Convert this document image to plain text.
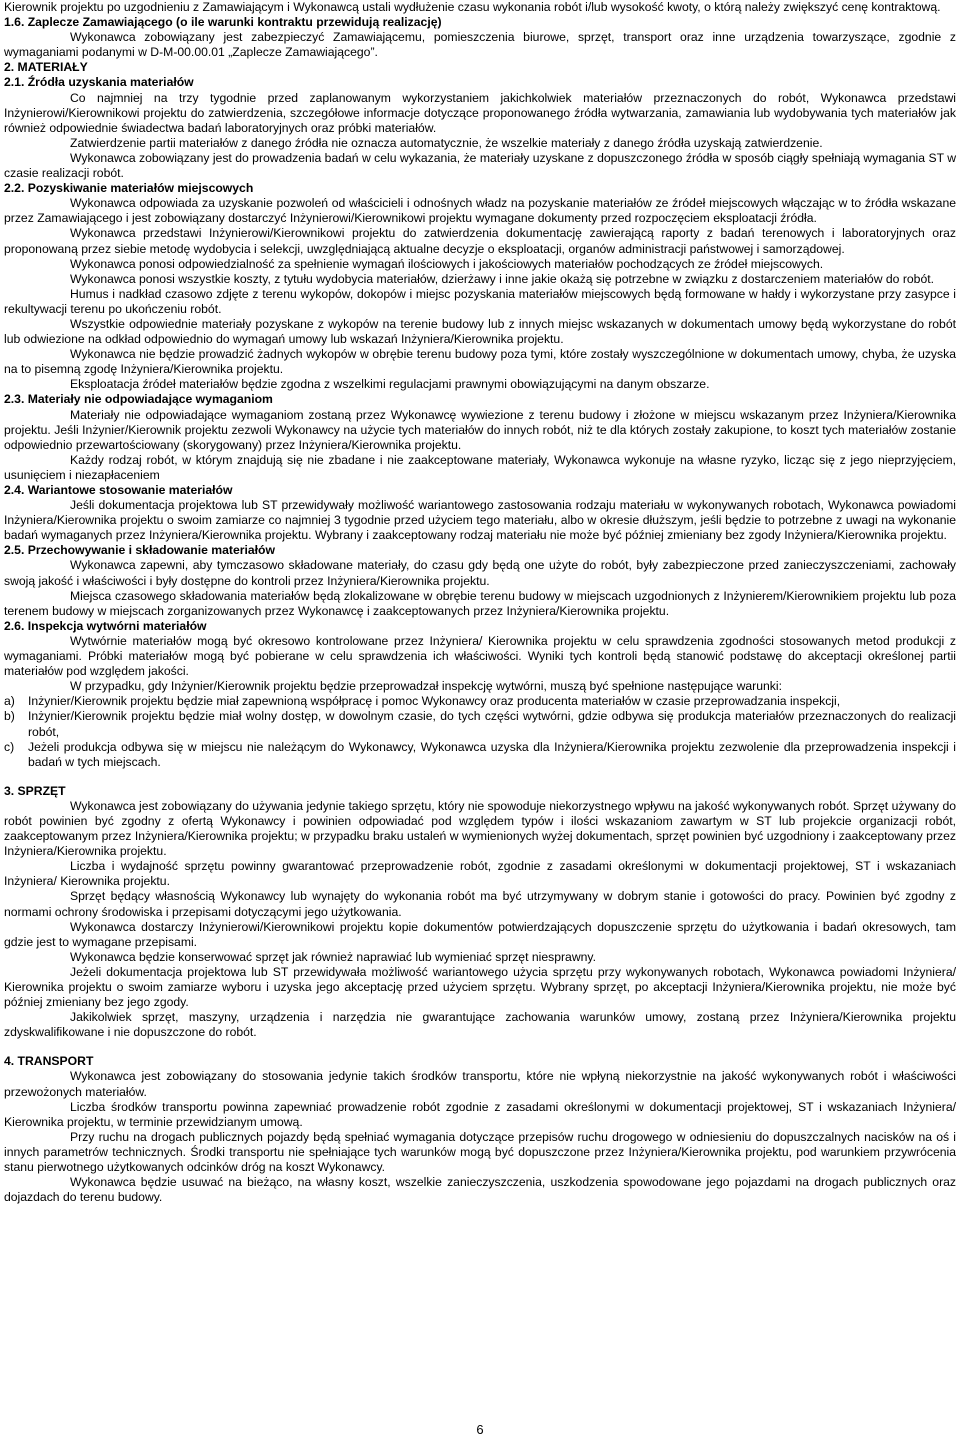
Kierownik projektu po uzgodnieniu z Zamawiającym i Wykonawcą ustali wydłużenie czasu wykonania robót i/lub wysokość kwoty, o którą należy zwiększyć cenę kontraktową.

1.6. Zaplecze Zamawiającego (o ile warunki kontraktu przewidują realizację)

Wykonawca zobowiązany jest zabezpieczyć Zamawiającemu, pomieszczenia biurowe, sprzęt, transport oraz inne urządzenia towarzyszące, zgodnie z wymaganiami podanymi w D-M-00.00.01 „Zaplecze Zamawiającego”.

2. MATERIAŁY

2.1. Źródła uzyskania materiałów

Co najmniej na trzy tygodnie przed zaplanowanym wykorzystaniem jakichkolwiek materiałów przeznaczonych do robót, Wykonawca przedstawi Inżynierowi/Kierownikowi projektu do zatwierdzenia, szczegółowe informacje dotyczące proponowanego źródła wytwarzania, zamawiania lub wydobywania tych materiałów jak również odpowiednie świadectwa badań laboratoryjnych oraz próbki materiałów.

Zatwierdzenie partii materiałów z danego źródła nie oznacza automatycznie, że wszelkie materiały z danego źródła uzyskają zatwierdzenie.

Wykonawca zobowiązany jest do prowadzenia badań w celu wykazania, że materiały uzyskane z dopuszczonego źródła w sposób ciągły spełniają wymagania ST w czasie realizacji robót.

2.2. Pozyskiwanie materiałów miejscowych

Wykonawca odpowiada za uzyskanie pozwoleń od właścicieli i odnośnych władz na pozyskanie materiałów ze źródeł miejscowych włączając w to źródła wskazane przez Zamawiającego i jest zobowiązany dostarczyć Inżynierowi/Kierownikowi projektu wymagane dokumenty przed rozpoczęciem eksploatacji źródła.

Wykonawca przedstawi Inżynierowi/Kierownikowi projektu do zatwierdzenia dokumentację zawierającą raporty z badań terenowych i laboratoryjnych oraz proponowaną przez siebie metodę wydobycia i selekcji, uwzględniającą aktualne decyzje o eksploatacji, organów administracji państwowej i samorządowej.

Wykonawca ponosi odpowiedzialność za spełnienie wymagań ilościowych i jakościowych materiałów pochodzących ze źródeł miejscowych.

Wykonawca ponosi wszystkie koszty, z tytułu wydobycia materiałów, dzierżawy i inne jakie okażą się potrzebne w związku z dostarczeniem materiałów do robót.

Humus i nadkład czasowo zdjęte z terenu wykopów, dokopów i miejsc pozyskania materiałów miejscowych będą formowane w hałdy i wykorzystane przy zasypce i rekultywacji terenu po ukończeniu robót.

Wszystkie odpowiednie materiały pozyskane z wykopów na terenie budowy lub z innych miejsc wskazanych w dokumentach umowy będą wykorzystane do robót lub odwiezione na odkład odpowiednio do wymagań umowy lub wskazań Inżyniera/Kierownika projektu.

Wykonawca nie będzie prowadzić żadnych wykopów w obrębie terenu budowy poza tymi, które zostały wyszczególnione w dokumentach umowy, chyba, że uzyska na to pisemną zgodę Inżyniera/Kierownika projektu.

Eksploatacja źródeł materiałów będzie zgodna z wszelkimi regulacjami prawnymi obowiązującymi na danym obszarze.

2.3. Materiały nie odpowiadające wymaganiom

Materiały nie odpowiadające wymaganiom zostaną przez Wykonawcę wywiezione z terenu budowy i złożone w miejscu wskazanym przez Inżyniera/Kierownika projektu. Jeśli Inżynier/Kierownik projektu zezwoli Wykonawcy na użycie tych materiałów do innych robót, niż te dla których zostały zakupione, to koszt tych materiałów zostanie odpowiednio przewartościowany (skorygowany) przez Inżyniera/Kierownika projektu.

Każdy rodzaj robót, w którym znajdują się nie zbadane i nie zaakceptowane materiały, Wykonawca wykonuje na własne ryzyko, licząc się z jego nieprzyjęciem, usunięciem i niezapłaceniem

2.4. Wariantowe stosowanie materiałów

Jeśli dokumentacja projektowa lub ST przewidywały możliwość wariantowego zastosowania rodzaju materiału w wykonywanych robotach, Wykonawca powiadomi Inżyniera/Kierownika projektu o swoim zamiarze co najmniej 3 tygodnie przed użyciem tego materiału, albo w okresie dłuższym, jeśli będzie to potrzebne z uwagi na wykonanie badań wymaganych przez Inżyniera/Kierownika projektu. Wybrany i zaakceptowany rodzaj materiału nie może być później zmieniany bez zgody Inżyniera/Kierownika projektu.

2.5. Przechowywanie i składowanie materiałów

Wykonawca zapewni, aby tymczasowo składowane materiały, do czasu gdy będą one użyte do robót, były zabezpieczone przed zanieczyszczeniami, zachowały swoją jakość i właściwości i były dostępne do kontroli przez Inżyniera/Kierownika projektu.

Miejsca czasowego składowania materiałów będą zlokalizowane w obrębie terenu budowy w miejscach uzgodnionych z Inżynierem/Kierownikiem projektu lub poza terenem budowy w miejscach zorganizowanych przez Wykonawcę i zaakceptowanych przez Inżyniera/Kierownika projektu.

2.6. Inspekcja wytwórni materiałów

Wytwórnie materiałów mogą być okresowo kontrolowane przez Inżyniera/ Kierownika projektu w celu sprawdzenia zgodności stosowanych metod produkcji z wymaganiami. Próbki materiałów mogą być pobierane w celu sprawdzenia ich właściwości. Wyniki tych kontroli będą stanowić podstawę do akceptacji określonej partii materiałów pod względem jakości.

W przypadku, gdy Inżynier/Kierownik projektu będzie przeprowadzał inspekcję wytwórni, muszą być spełnione następujące warunki:

a)	Inżynier/Kierownik projektu będzie miał zapewnioną współpracę i pomoc Wykonawcy oraz producenta materiałów w czasie przeprowadzania inspekcji,
b)	Inżynier/Kierownik projektu będzie miał wolny dostęp, w dowolnym czasie, do tych części wytwórni, gdzie odbywa się produkcja materiałów przeznaczonych do realizacji robót,
c)	Jeżeli produkcja odbywa się w miejscu nie należącym do Wykonawcy, Wykonawca uzyska dla Inżyniera/Kierownika projektu zezwolenie dla przeprowadzenia inspekcji i badań w tych miejscach.

3. SPRZĘT

Wykonawca jest zobowiązany do używania jedynie takiego sprzętu, który nie spowoduje niekorzystnego wpływu na jakość wykonywanych robót. Sprzęt używany do robót powinien być zgodny z ofertą Wykonawcy i powinien odpowiadać pod względem typów i ilości wskazaniom zawartym w ST lub projekcie organizacji robót, zaakceptowanym przez Inżyniera/Kierownika projektu; w przypadku braku ustaleń w wymienionych wyżej dokumentach, sprzęt powinien być uzgodniony i zaakceptowany przez Inżyniera/Kierownika projektu.

Liczba i wydajność sprzętu powinny gwarantować przeprowadzenie robót, zgodnie z zasadami określonymi w dokumentacji projektowej, ST i wskazaniach Inżyniera/ Kierownika projektu.

Sprzęt będący własnością Wykonawcy lub wynajęty do wykonania robót ma być utrzymywany w dobrym stanie i gotowości do pracy. Powinien być zgodny z normami ochrony środowiska i przepisami dotyczącymi jego użytkowania.

Wykonawca dostarczy Inżynierowi/Kierownikowi projektu kopie dokumentów potwierdzających dopuszczenie sprzętu do użytkowania i badań okresowych, tam gdzie jest to wymagane przepisami.

Wykonawca będzie konserwować sprzęt jak również naprawiać lub wymieniać sprzęt niesprawny.

Jeżeli dokumentacja projektowa lub ST przewidywała możliwość wariantowego użycia sprzętu przy wykonywanych robotach, Wykonawca powiadomi Inżyniera/ Kierownika projektu o swoim zamiarze wyboru i uzyska jego akceptację przed użyciem sprzętu. Wybrany sprzęt, po akceptacji Inżyniera/Kierownika projektu, nie może być później zmieniany bez jego zgody.

Jakikolwiek sprzęt, maszyny, urządzenia i narzędzia nie gwarantujące zachowania warunków umowy, zostaną przez Inżyniera/Kierownika projektu zdyskwalifikowane i nie dopuszczone do robót.

4. TRANSPORT

Wykonawca jest zobowiązany do stosowania jedynie takich środków transportu, które nie wpłyną niekorzystnie na jakość wykonywanych robót i właściwości przewożonych materiałów.

Liczba środków transportu powinna zapewniać prowadzenie robót zgodnie z zasadami określonymi w dokumentacji projektowej, ST i wskazaniach Inżyniera/ Kierownika projektu, w terminie przewidzianym umową.

Przy ruchu na drogach publicznych pojazdy będą spełniać wymagania dotyczące przepisów ruchu drogowego w odniesieniu do dopuszczalnych nacisków na oś i innych parametrów technicznych. Środki transportu nie spełniające tych warunków mogą być dopuszczone przez Inżyniera/Kierownika projektu, pod warunkiem przywrócenia stanu pierwotnego użytkowanych odcinków dróg na koszt Wykonawcy.

Wykonawca będzie usuwać na bieżąco, na własny koszt, wszelkie zanieczyszczenia, uszkodzenia spowodowane jego pojazdami na drogach publicznych oraz dojazdach do terenu budowy.

6
